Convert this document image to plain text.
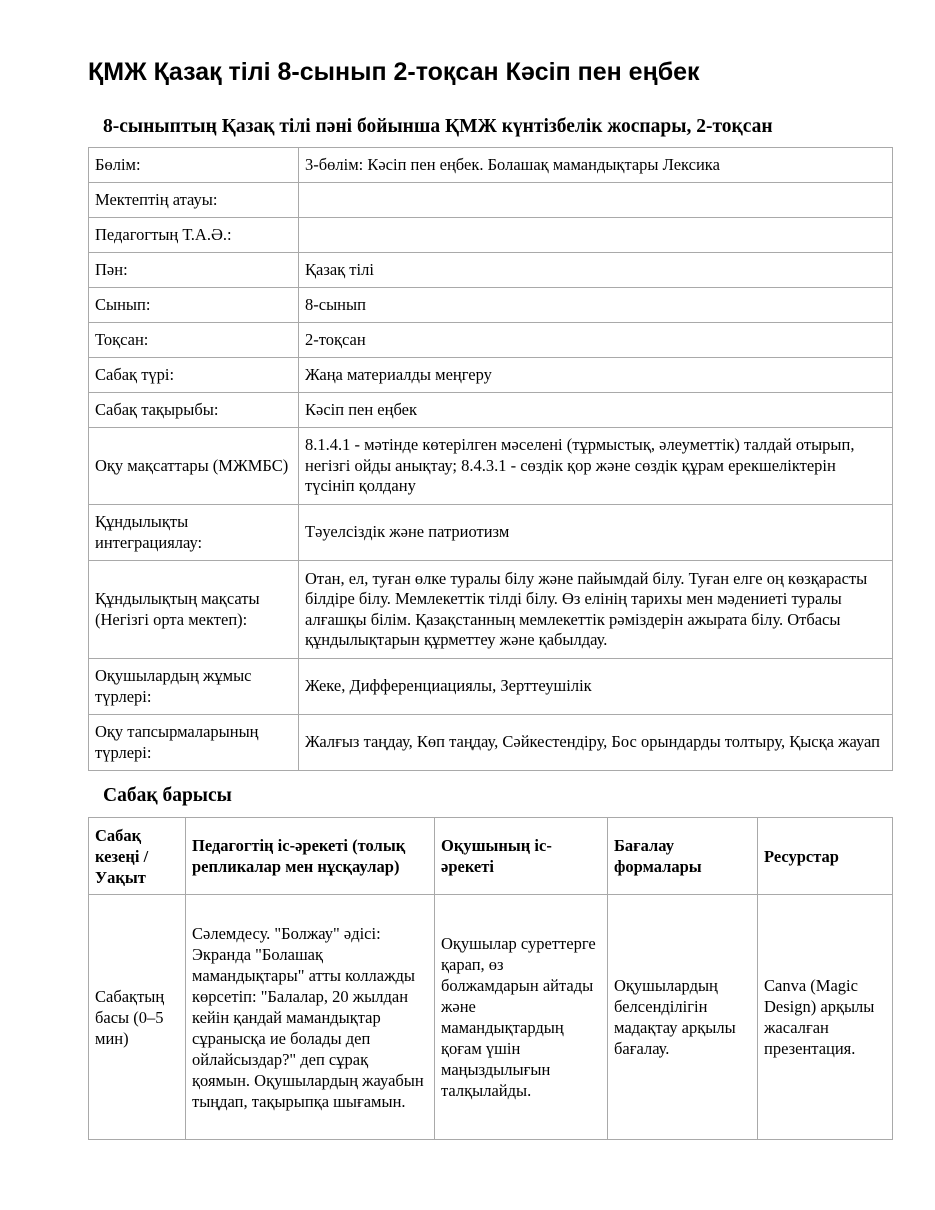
ҚМЖ Қазақ тілі 8-сынып 2-тоқсан Кәсіп пен еңбек
8-сыныптың Қазақ тілі пәні бойынша ҚМЖ күнтізбелік жоспары, 2-тоқсан
Бөлім:	3-бөлім: Кәсіп пен еңбек. Болашақ мамандықтары Лексика
Мектептің атауы:	
Педагогтың Т.А.Ә.:	
Пән:	Қазақ тілі
Сынып:	8-сынып
Тоқсан:	2-тоқсан
Сабақ түрі:	Жаңа материалды меңгеру
Сабақ тақырыбы:	Кәсіп пен еңбек
Оқу мақсаттары (МЖМБС)	8.1.4.1 - мәтінде көтерілген мәселені (тұрмыстық, әлеуметтік) талдай отырып, негізгі ойды анықтау; 8.4.3.1 - сөздік қор және сөздік құрам ерекшеліктерін түсініп қолдану
Құндылықты интеграциялау:	Тәуелсіздік және патриотизм
Құндылықтың мақсаты (Негізгі орта мектеп):	Отан, ел, туған өлке туралы білу және пайымдай білу. Туған елге оң көзқарасты білдіре білу. Мемлекеттік тілді білу. Өз елінің тарихы мен мәдениеті туралы алғашқы білім. Қазақстанның мемлекеттік рәміздерін ажырата білу. Отбасы құндылықтарын құрметтеу және қабылдау.
Оқушылардың жұмыс түрлері:	Жеке, Дифференциациялы, Зерттеушілік
Оқу тапсырмаларының түрлері:	Жалғыз таңдау, Көп таңдау, Сәйкестендіру, Бос орындарды толтыру, Қысқа жауап
Сабақ барысы
Сабақ кезеңі / Уақыт	Педагогтің іс-әрекеті (толық репликалар мен нұсқаулар)	Оқушының іс-әрекеті	Бағалау формалары	Ресурстар
Сабақтың басы (0–5 мин)	Сәлемдесу. "Болжау" әдісі: Экранда "Болашақ мамандықтары" атты коллажды көрсетіп: "Балалар, 20 жылдан кейін қандай мамандықтар сұранысқа ие болады деп ойлайсыздар?" деп сұрақ қоямын. Оқушылардың жауабын тыңдап, тақырыпқа шығамын.	Оқушылар суреттерге қарап, өз болжамдарын айтады және мамандықтардың қоғам үшін маңыздылығын талқылайды.	Оқушылардың белсенділігін мадақтау арқылы бағалау.	Canva (Magic Design) арқылы жасалған презентация.
